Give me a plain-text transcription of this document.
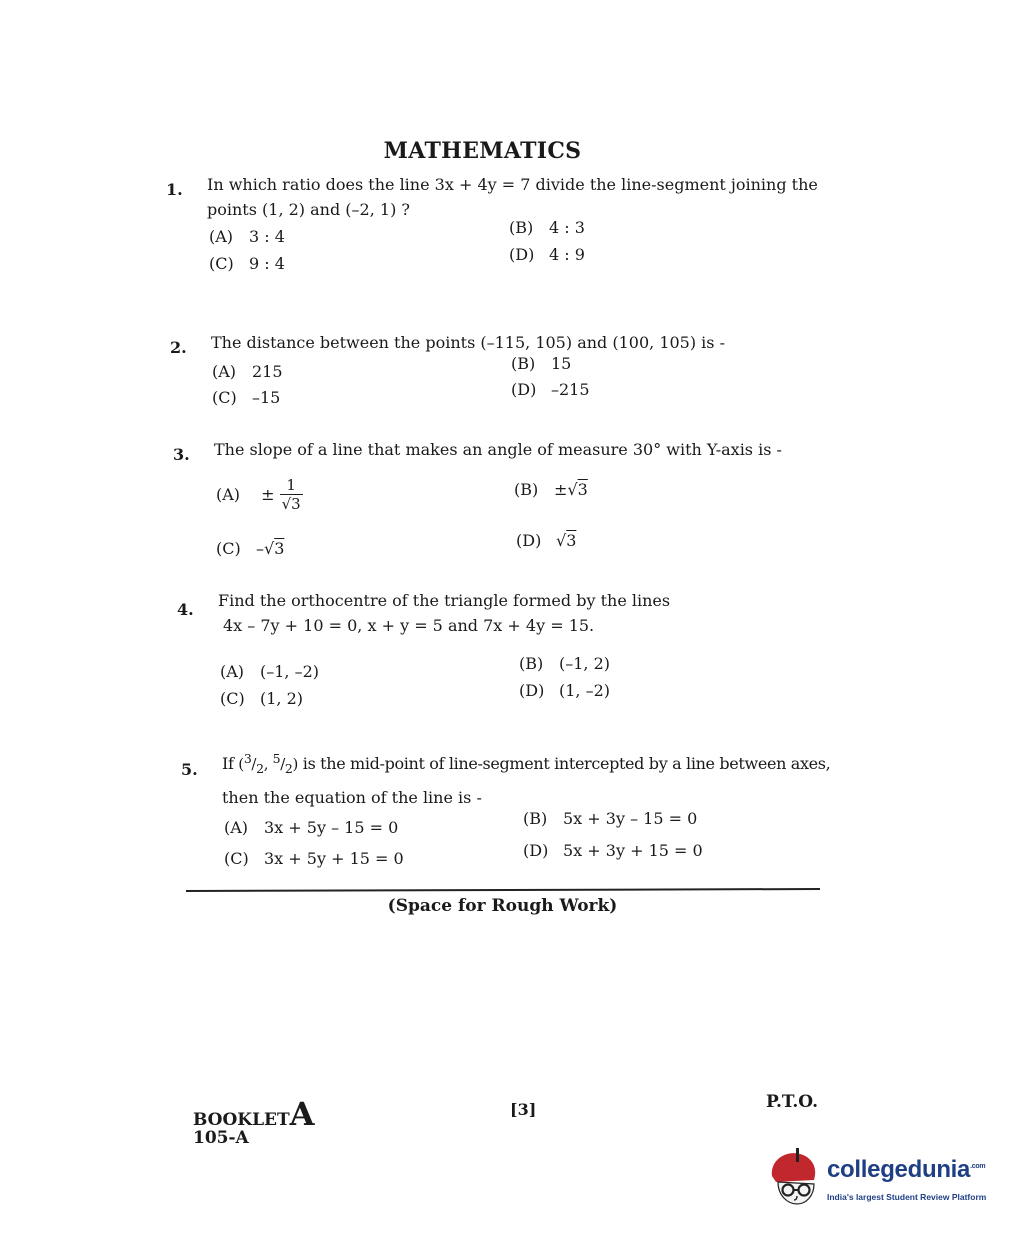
MATHEMATICS
1. In which ratio does the line 3x + 4y = 7 divide the line-segment joining the
points (1, 2) and (–2, 1) ?
(A) 3 : 4	(B) 4 : 3
(C) 9 : 4	(D) 4 : 9
2. The distance between the points (–115, 105) and (100, 105) is -
(A) 215	(B) 15
(C) –15	(D) –215
3. The slope of a line that makes an angle of measure 30° with Y-axis is -
$(A) \pm \frac{1}{√3}$	(B) ±√3
(C) –√3	(D) √3
4. Find the orthocentre of the triangle formed by the lines
4x – 7y + 10 = 0, x + y = 5 and 7x + 4y = 15.
(A) (–1, –2)	(B) (–1, 2)
(C) (1, 2)	(D) (1, –2)
5. If ($^3/_2$, $^5/_2$) is the mid-point of line-segment intercepted by a line between axes,
then the equation of the line is -
(A) 3x + 5y – 15 = 0	(B) 5x + 3y – 15 = 0
(C) 3x + 5y + 15 = 0	(D) 5x + 3y + 15 = 0
(Space for Rough Work)
BOOKLETA
105-A
[3]	P.T.O.
collegedunia$^{.com}$
India's largest Student Review Platform
